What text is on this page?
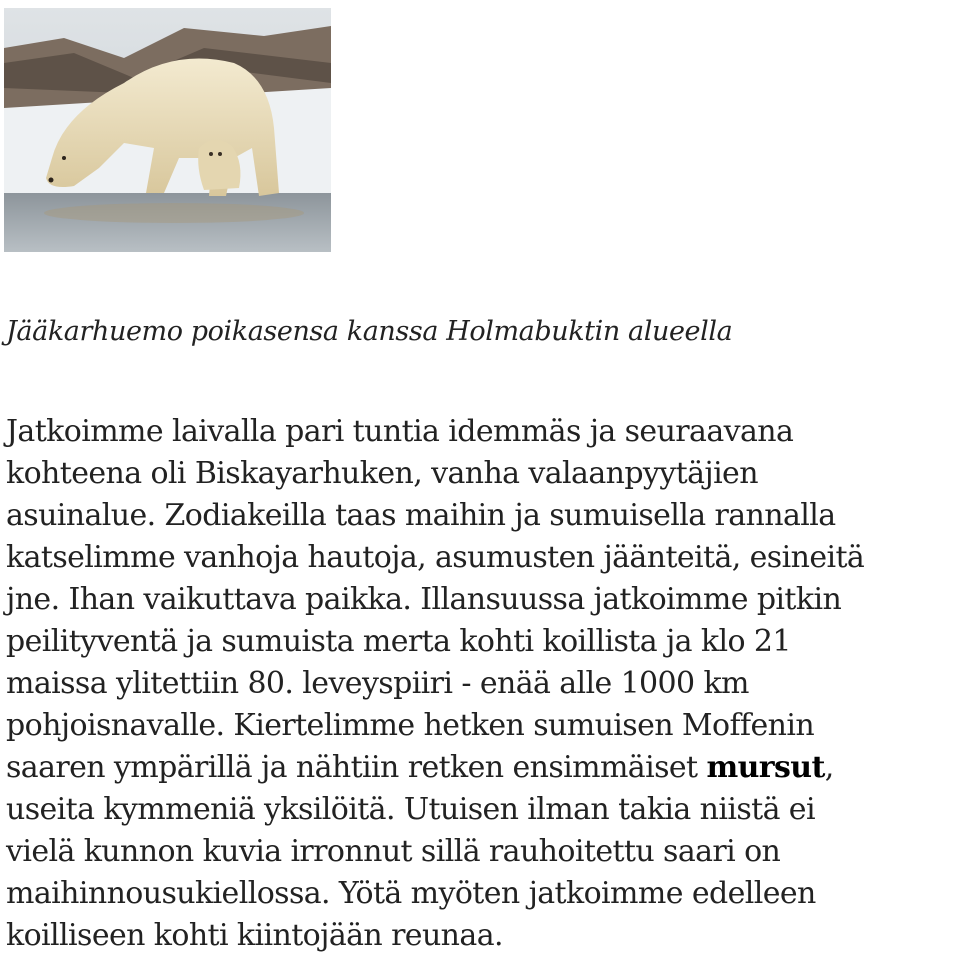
Jääkarhuemo poikasensa kanssa Holmabuktin alueella

Jatkoimme laivalla pari tuntia idemmäs ja seuraavana
kohteena oli Biskayarhuken, vanha valaanpyytäjien
asuinalue. Zodiakeilla taas maihin ja sumuisella rannalla
katselimme vanhoja hautoja, asumusten jäänteitä, esineitä
jne. Ihan vaikuttava paikka. Illansuussa jatkoimme pitkin
peilityventä ja sumuista merta kohti koillista ja klo 21
maissa ylitettiin 80. leveyspiiri - enää alle 1000 km
pohjoisnavalle. Kiertelimme hetken sumuisen Moffenin
saaren ympärillä ja nähtiin retken ensimmäiset mursut,
useita kymmeniä yksilöitä. Utuisen ilman takia niistä ei
vielä kunnon kuvia irronnut sillä rauhoitettu saari on
maihinnousukiellossa. Yötä myöten jatkoimme edelleen
koilliseen kohti kiintojään reunaa.
